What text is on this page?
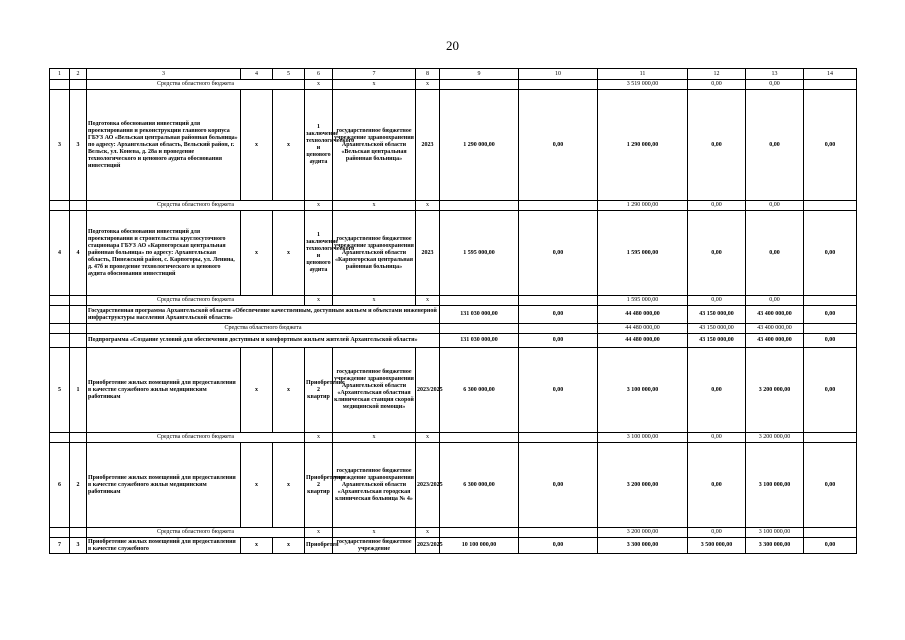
20
1	2	3	4	5	6	7	8	9	10	11	12	13	14
		Средства областного бюджета			x	x	x			3 519 000,00	0,00	0,00	
3	3	Подготовка обоснования инвестиций для проектирования и реконструкции главного корпуса ГБУЗ АО «Вельская центральная районная больница» по адресу: Архангельская область, Вельский район, г. Вельск, ул. Конева, д. 28а и проведение технологического и ценового аудита обоснования инвестиций	x	x	1 заключение технологического и ценового аудита	государственное бюджетное учреждение здравоохранения Архангельской области «Вельская центральная районная больница»	2023	1 290 000,00	0,00	1 290 000,00	0,00	0,00	0,00
		Средства областного бюджета			x	x	x			1 290 000,00	0,00	0,00	
4	4	Подготовка обоснования инвестиций для проектирования и строительства круглосуточного стационара ГБУЗ АО «Карпогорская центральная районная больница» по адресу: Архангельская область, Пинежский район, с. Карпогоры, ул. Ленина, д. 47б и проведение технологического и ценового аудита обоснования инвестиций	x	x	1 заключение технологического и ценового аудита	государственное бюджетное учреждение здравоохранения Архангельской области «Карпогорская центральная районная больница»	2023	1 595 000,00	0,00	1 595 000,00	0,00	0,00	0,00
		Средства областного бюджета			x	x	x			1 595 000,00	0,00	0,00	
		Государственная программа Архангельской области «Обеспечение качественным, доступным жильем и объектами инженерной инфраструктуры населения Архангельской области»						131 030 000,00	0,00	44 480 000,00	43 150 000,00	43 400 000,00	0,00
		Средства областного бюджета								44 480 000,00	43 150 000,00	43 400 000,00	
		Подпрограмма «Создание условий для обеспечения доступным и комфортным жильем жителей Архангельской области»						131 030 000,00	0,00	44 480 000,00	43 150 000,00	43 400 000,00	0,00
5	1	Приобретение жилых помещений для предоставления в качестве служебного жилья медицинским работникам	x	x	Приобретение 2 квартир	государственное бюджетное учреждение здравоохранения Архангельской области «Архангельская областная клиническая станция скорой медицинской помощи»	2023/2025	6 300 000,00	0,00	3 100 000,00	0,00	3 200 000,00	0,00
		Средства областного бюджета			x	x	x			3 100 000,00	0,00	3 200 000,00	
6	2	Приобретение жилых помещений для предоставления в качестве служебного жилья медицинским работникам	x	x	Приобретение 2 квартир	государственное бюджетное учреждение здравоохранения Архангельской области «Архангельская городская клиническая больница № 4»	2023/2025	6 300 000,00	0,00	3 200 000,00	0,00	3 100 000,00	0,00
		Средства областного бюджета			x	x	x			3 200 000,00	0,00	3 100 000,00	
7	3	Приобретение жилых помещений для предоставления в качестве служебного	x	x	Приобретен	государственное бюджетное учреждение	2023/2025	10 100 000,00	0,00	3 300 000,00	3 500 000,00	3 300 000,00	0,00
